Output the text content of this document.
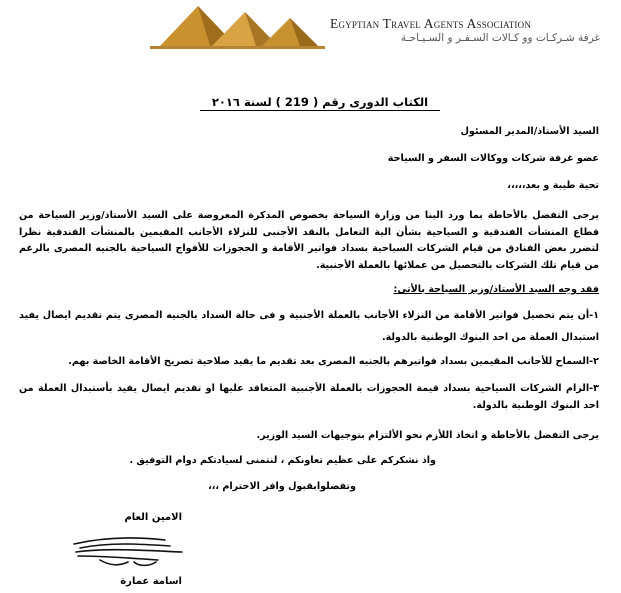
Egyptian Travel Agents Association
غرفة شـركـات وو كـالات السـفـر و السـيـاحـة
الكتاب الدورى رقم ( 219 ) لسنة ٢٠١٦
السيد الأستاذ/المدير المسئول
عضو غرفة شركات ووكالات السفر و السياحة
تحية طيبة و بعد،،،،،
يرجى التفضل بالأحاطة بما ورد الينا من وزارة السياحة بخصوص المذكرة المعروضة على السيد الأستاذ/وزير السياحة من قطاع المنشأت الفندقية و السياحية بشأن الية التعامل بالنقد الأجنبى للنزلاء الأجانب المقيمين بالمنشأت الفندقية نظرا لتضرر بعض الفنادق من قيام الشركات السياحية بسداد فواتير الأقامة و الحجوزات للأفواج السياحية بالجنيه المصرى بالرغم من قيام تلك الشركات بالتحصيل من عملائها بالعملة الأجنبية.
فقد وجه السيد الأستاذ/وزير السياحة بالأتى:
١-أن يتم تحصيل فواتير الأقامة من النزلاء الأجانب بالعملة الأجنبية و فى حالة السداد بالجنيه المصرى يتم تقديم ايصال يفيد استبدال العملة من احد البنوك الوطنية بالدولة.
٢-السماح للأجانب المقيمين بسداد فواتيرهم بالجنيه المصرى بعد تقديم ما يفيد صلاحية تصريح الأقامة الخاصة بهم.
٣-الزام الشركات السياحية بسداد قيمة الحجوزات بالعملة الأجنبية المتعاقد عليها او تقديم ايصال يفيد بأستبدال العملة من احد البنوك الوطنية بالدولة.
يرجى التفضل بالأحاطة و اتخاذ اللأزم نحو الألتزام بتوجيهات السيد الوزير.
واذ نشكركم على عظيم تعاونكم ، لنتمنى لسيادتكم دوام التوفيق .
وتفضلوابقبول وافر الاحترام ،،،
الامين العام
اسامة عمارة
